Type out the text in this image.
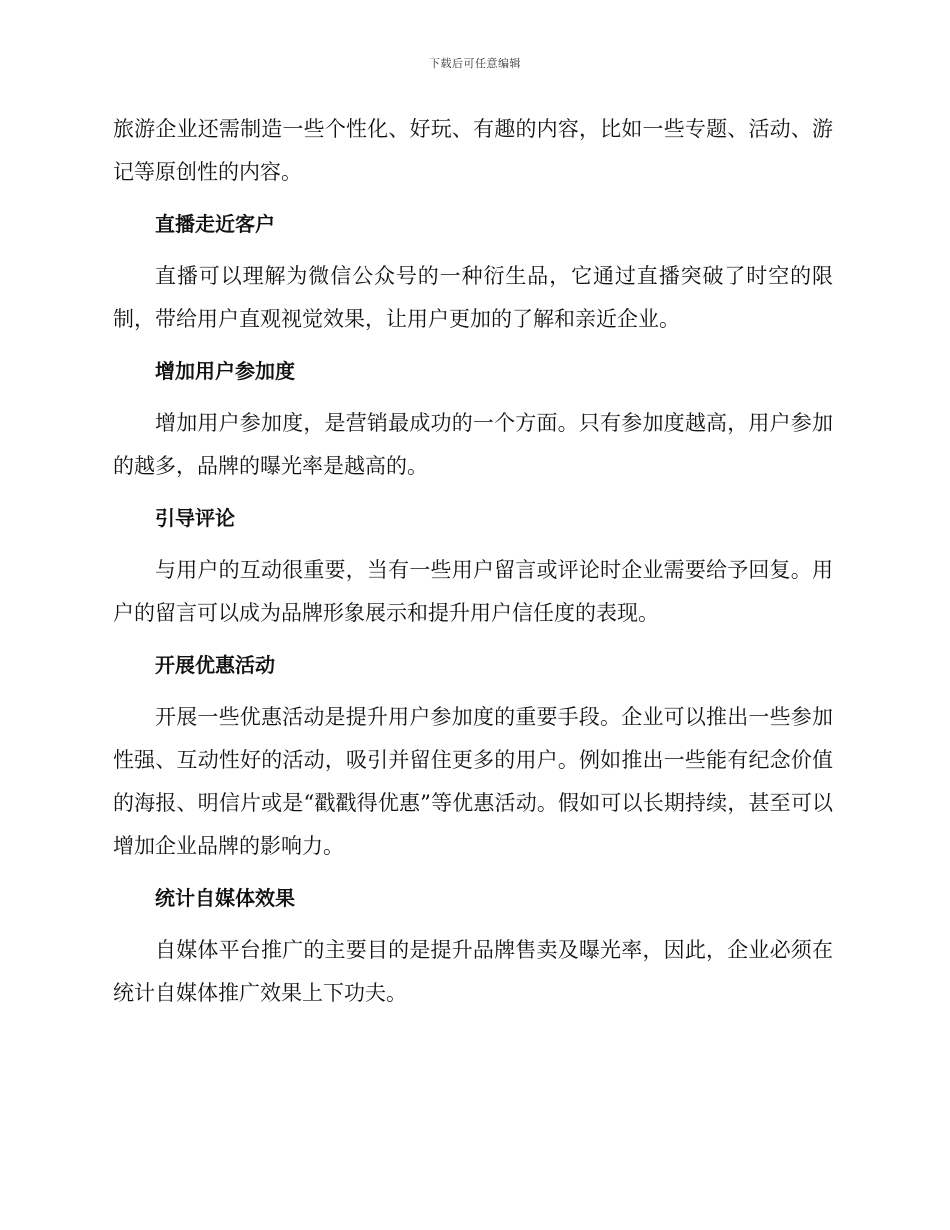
下载后可任意编辑

旅游企业还需制造一些个性化、好玩、有趣的内容，比如一些专题、活动、游记等原创性的内容。

直播走近客户

直播可以理解为微信公众号的一种衍生品，它通过直播突破了时空的限制，带给用户直观视觉效果，让用户更加的了解和亲近企业。

增加用户参加度

增加用户参加度，是营销最成功的一个方面。只有参加度越高，用户参加的越多，品牌的曝光率是越高的。

引导评论

与用户的互动很重要，当有一些用户留言或评论时企业需要给予回复。用户的留言可以成为品牌形象展示和提升用户信任度的表现。

开展优惠活动

开展一些优惠活动是提升用户参加度的重要手段。企业可以推出一些参加性强、互动性好的活动，吸引并留住更多的用户。例如推出一些能有纪念价值的海报、明信片或是“戳戳得优惠”等优惠活动。假如可以长期持续，甚至可以增加企业品牌的影响力。

统计自媒体效果

自媒体平台推广的主要目的是提升品牌售卖及曝光率，因此，企业必须在统计自媒体推广效果上下功夫。
